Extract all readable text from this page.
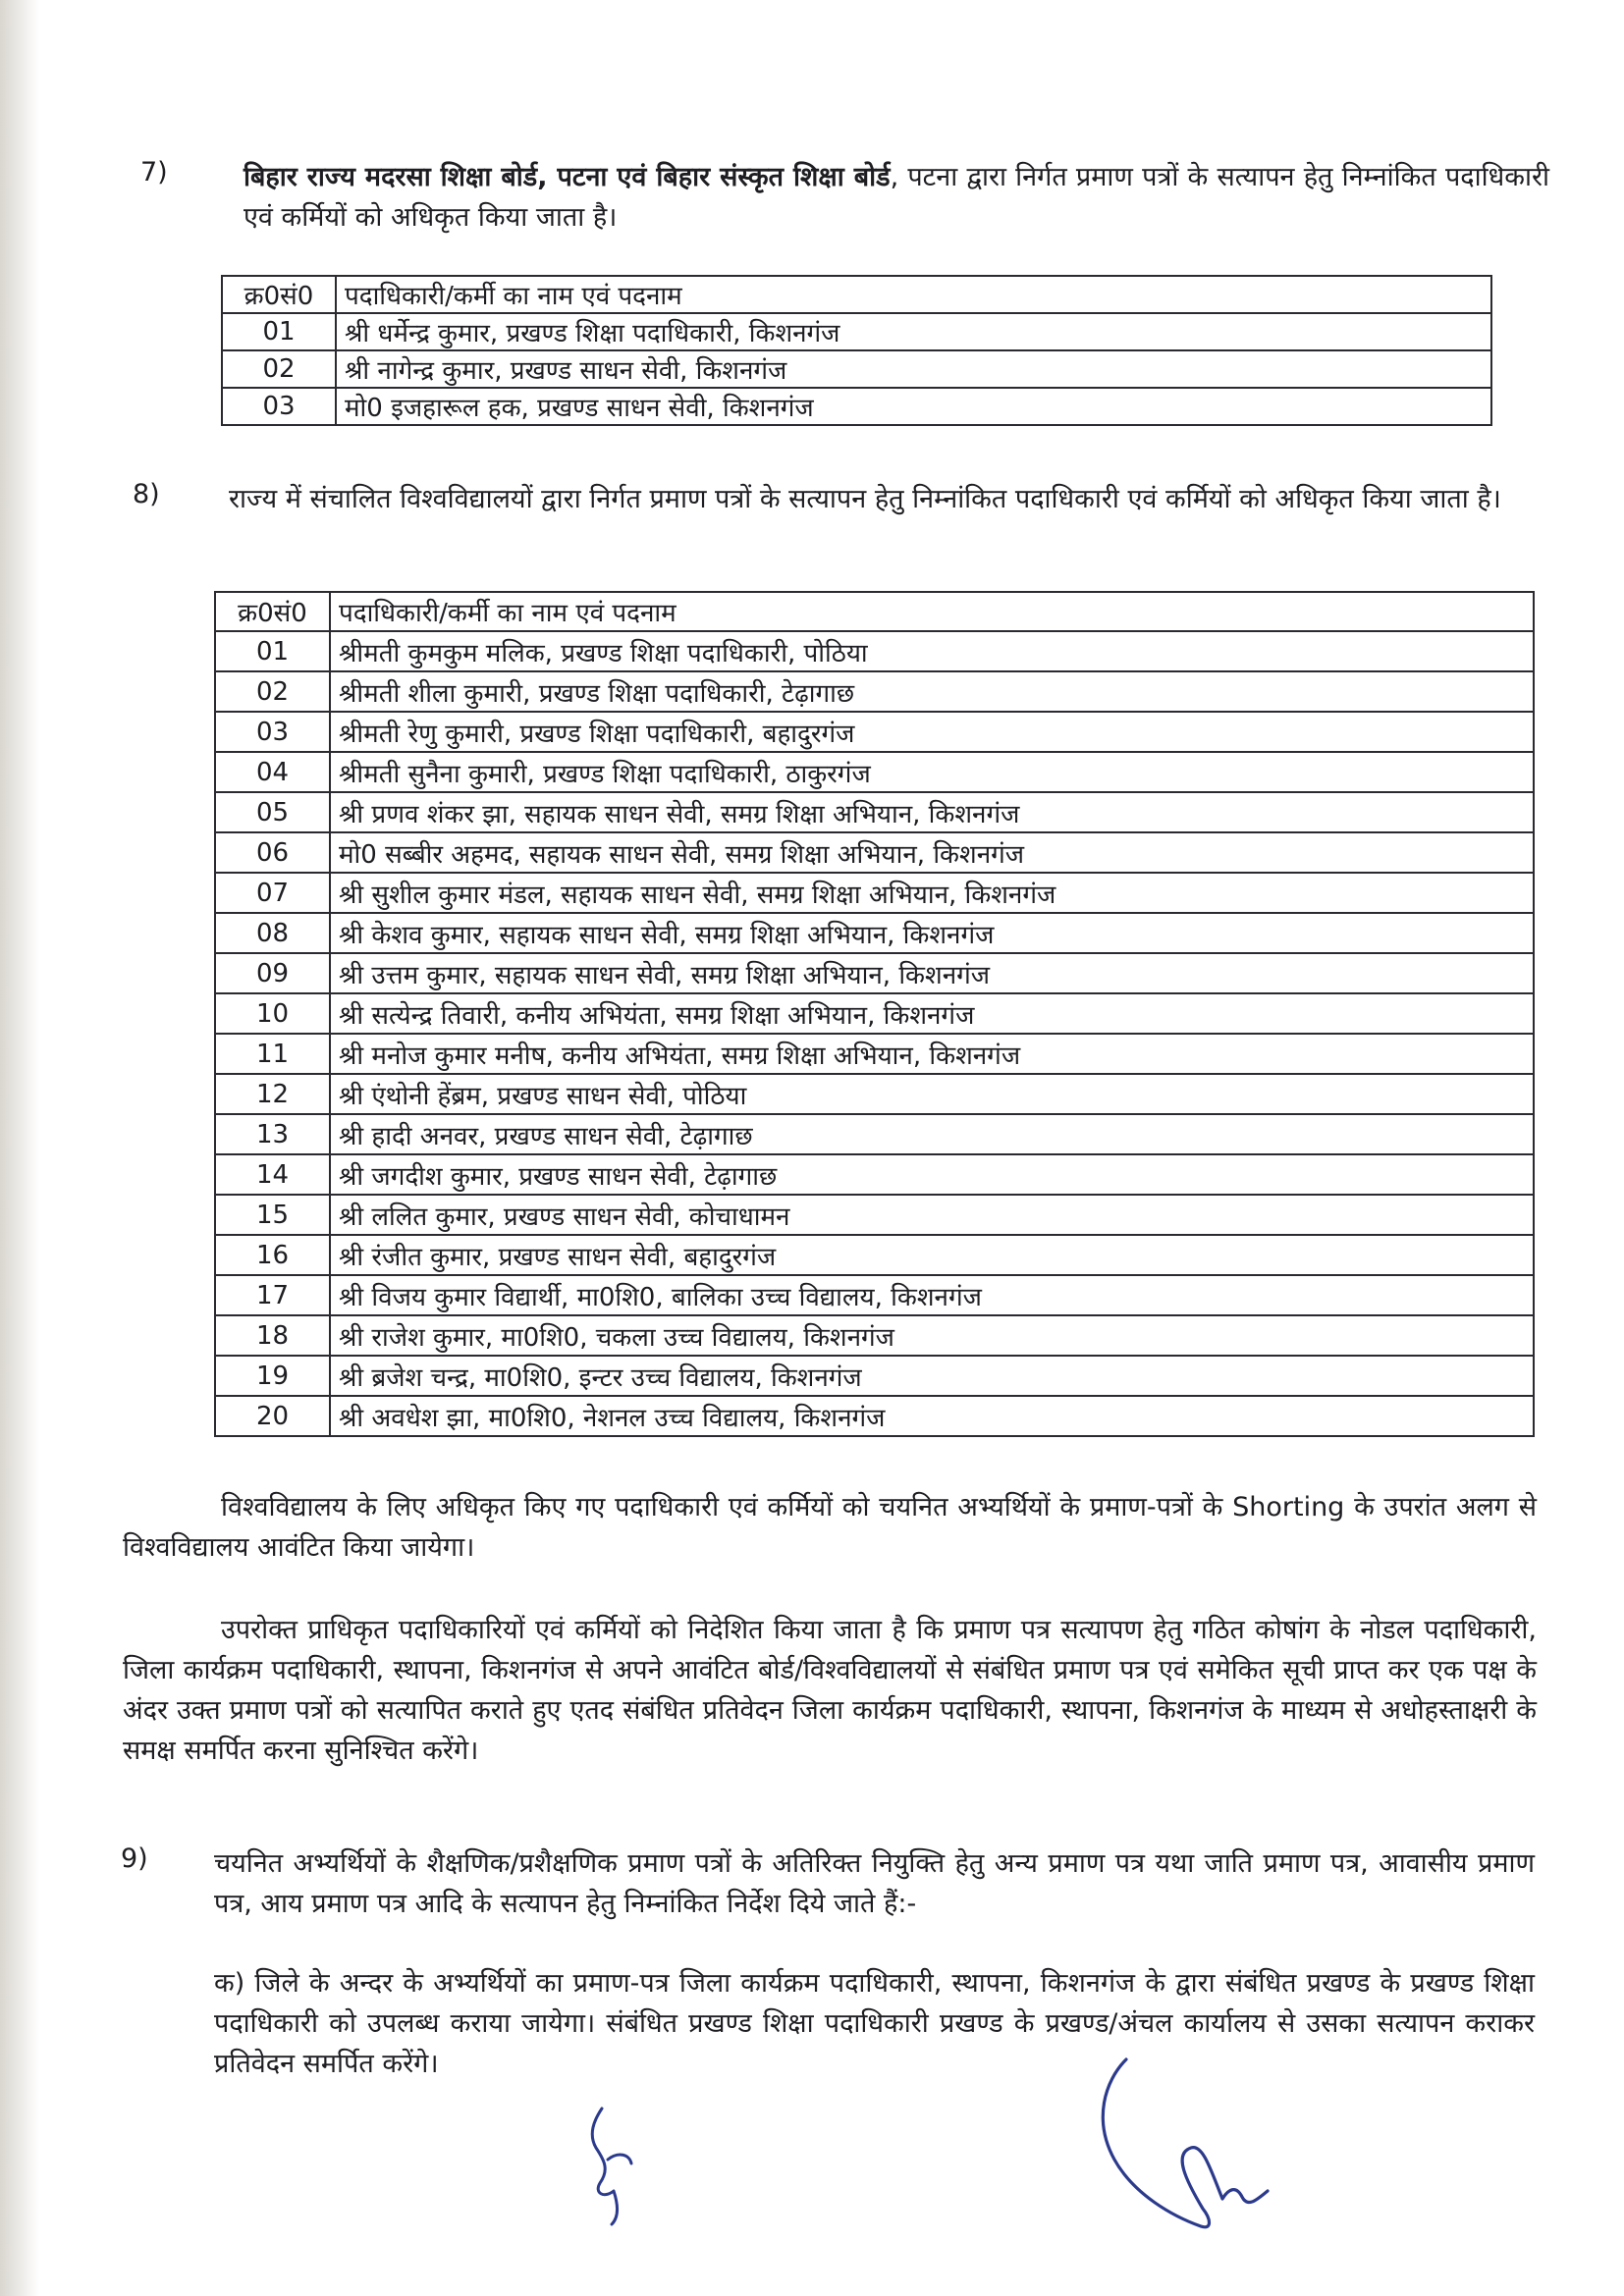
7)	बिहार राज्य मदरसा शिक्षा बोर्ड, पटना एवं बिहार संस्कृत शिक्षा बोर्ड, पटना द्वारा निर्गत प्रमाण पत्रों के सत्यापन हेतु निम्नांकित पदाधिकारी एवं कर्मियों को अधिकृत किया जाता है।

क्र0सं0	पदाधिकारी/कर्मी का नाम एवं पदनाम
01	श्री धर्मेन्द्र कुमार, प्रखण्ड शिक्षा पदाधिकारी, किशनगंज
02	श्री नागेन्द्र कुमार, प्रखण्ड साधन सेवी, किशनगंज
03	मो0 इजहारूल हक, प्रखण्ड साधन सेवी, किशनगंज
8)	राज्य में संचालित विश्वविद्यालयों द्वारा निर्गत प्रमाण पत्रों के सत्यापन हेतु निम्नांकित पदाधिकारी एवं कर्मियों को अधिकृत किया जाता है।

क्र0सं0	पदाधिकारी/कर्मी का नाम एवं पदनाम
01	श्रीमती कुमकुम मलिक, प्रखण्ड शिक्षा पदाधिकारी, पोठिया
02	श्रीमती शीला कुमारी, प्रखण्ड शिक्षा पदाधिकारी, टेढ़ागाछ
03	श्रीमती रेणु कुमारी, प्रखण्ड शिक्षा पदाधिकारी, बहादुरगंज
04	श्रीमती सुनैना कुमारी, प्रखण्ड शिक्षा पदाधिकारी, ठाकुरगंज
05	श्री प्रणव शंकर झा, सहायक साधन सेवी, समग्र शिक्षा अभियान, किशनगंज
06	मो0 सब्बीर अहमद, सहायक साधन सेवी, समग्र शिक्षा अभियान, किशनगंज
07	श्री सुशील कुमार मंडल, सहायक साधन सेवी, समग्र शिक्षा अभियान, किशनगंज
08	श्री केशव कुमार, सहायक साधन सेवी, समग्र शिक्षा अभियान, किशनगंज
09	श्री उत्तम कुमार, सहायक साधन सेवी, समग्र शिक्षा अभियान, किशनगंज
10	श्री सत्येन्द्र तिवारी, कनीय अभियंता, समग्र शिक्षा अभियान, किशनगंज
11	श्री मनोज कुमार मनीष, कनीय अभियंता, समग्र शिक्षा अभियान, किशनगंज
12	श्री एंथोनी हेंब्रम, प्रखण्ड साधन सेवी, पोठिया
13	श्री हादी अनवर, प्रखण्ड साधन सेवी, टेढ़ागाछ
14	श्री जगदीश कुमार, प्रखण्ड साधन सेवी, टेढ़ागाछ
15	श्री ललित कुमार, प्रखण्ड साधन सेवी, कोचाधामन
16	श्री रंजीत कुमार, प्रखण्ड साधन सेवी, बहादुरगंज
17	श्री विजय कुमार विद्यार्थी, मा0शि0, बालिका उच्च विद्यालय, किशनगंज
18	श्री राजेश कुमार, मा0शि0, चकला उच्च विद्यालय, किशनगंज
19	श्री ब्रजेश चन्द्र, मा0शि0, इन्टर उच्च विद्यालय, किशनगंज
20	श्री अवधेश झा, मा0शि0, नेशनल उच्च विद्यालय, किशनगंज

विश्वविद्यालय के लिए अधिकृत किए गए पदाधिकारी एवं कर्मियों को चयनित अभ्यर्थियों के प्रमाण-पत्रों के Shorting के उपरांत अलग से विश्वविद्यालय आवंटित किया जायेगा।

उपरोक्त प्राधिकृत पदाधिकारियों एवं कर्मियों को निदेशित किया जाता है कि प्रमाण पत्र सत्यापण हेतु गठित कोषांग के नोडल पदाधिकारी, जिला कार्यक्रम पदाधिकारी, स्थापना, किशनगंज से अपने आवंटित बोर्ड/विश्वविद्यालयों से संबंधित प्रमाण पत्र एवं समेकित सूची प्राप्त कर एक पक्ष के अंदर उक्त प्रमाण पत्रों को सत्यापित कराते हुए एतद संबंधित प्रतिवेदन जिला कार्यक्रम पदाधिकारी, स्थापना, किशनगंज के माध्यम से अधोहस्ताक्षरी के समक्ष समर्पित करना सुनिश्चित करेंगे।

9) चयनित अभ्यर्थियों के शैक्षणिक/प्रशैक्षणिक प्रमाण पत्रों के अतिरिक्त नियुक्ति हेतु अन्य प्रमाण पत्र यथा जाति प्रमाण पत्र, आवासीय प्रमाण पत्र, आय प्रमाण पत्र आदि के सत्यापन हेतु निम्नांकित निर्देश दिये जाते हैं:-

क) जिले के अन्दर के अभ्यर्थियों का प्रमाण-पत्र जिला कार्यक्रम पदाधिकारी, स्थापना, किशनगंज के द्वारा संबंधित प्रखण्ड के प्रखण्ड शिक्षा पदाधिकारी को उपलब्ध कराया जायेगा। संबंधित प्रखण्ड शिक्षा पदाधिकारी प्रखण्ड के प्रखण्ड/अंचल कार्यालय से उसका सत्यापन कराकर प्रतिवेदन समर्पित करेंगे।
